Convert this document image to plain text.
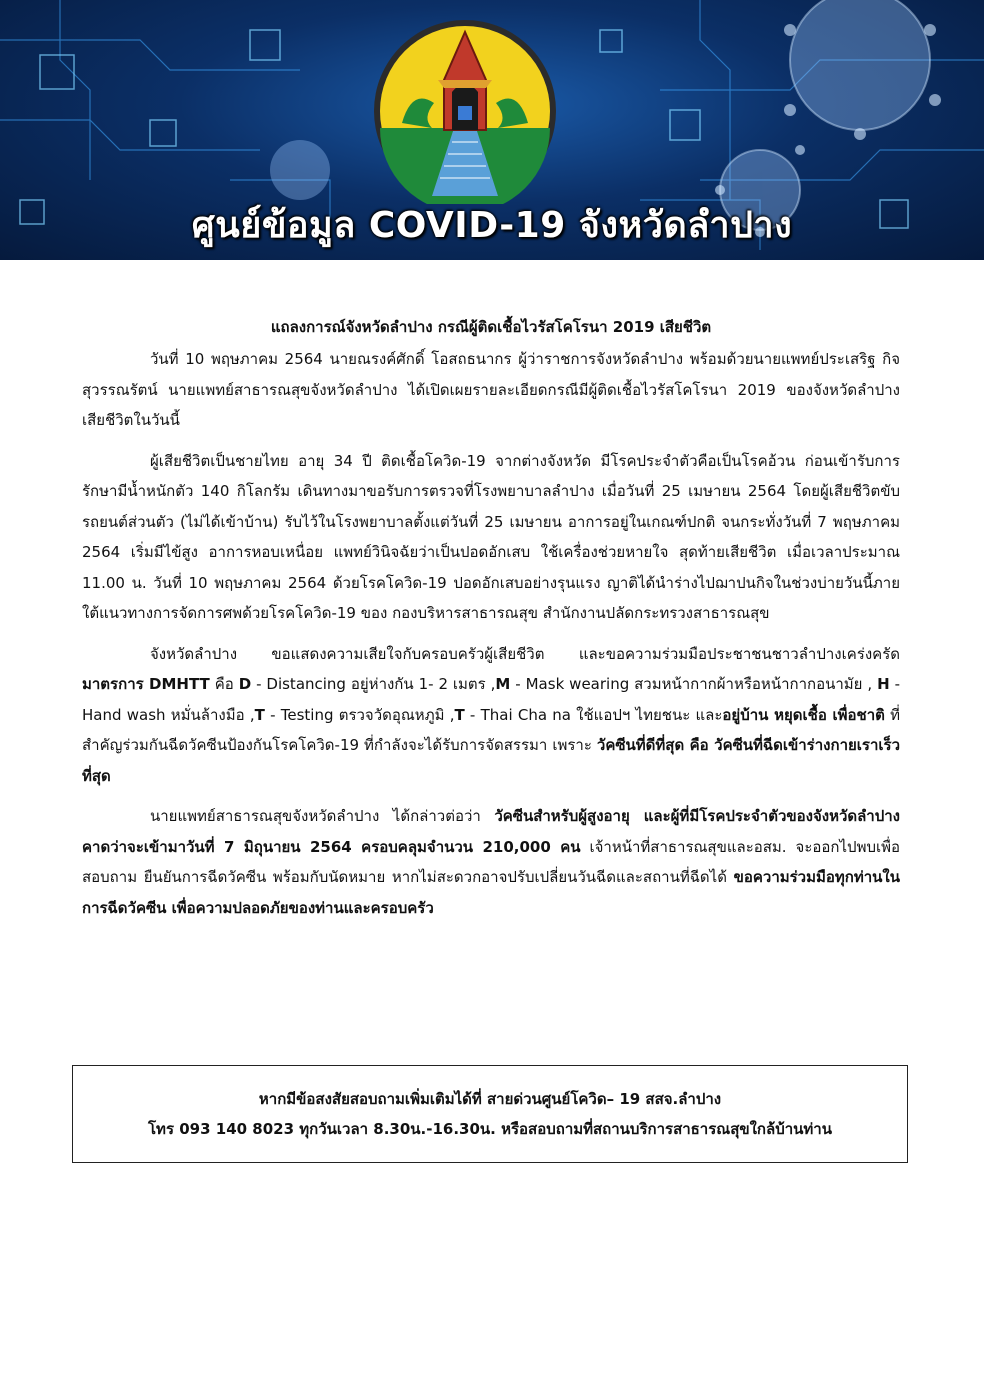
ศูนย์ข้อมูล COVID-19 จังหวัดลำปาง
แถลงการณ์จังหวัดลำปาง กรณีผู้ติดเชื้อไวรัสโคโรนา 2019 เสียชีวิต

วันที่ 10 พฤษภาคม 2564 นายณรงค์ศักดิ์ โอสถธนากร ผู้ว่าราชการจังหวัดลำปาง พร้อมด้วยนายแพทย์ประเสริฐ กิจสุวรรณรัตน์ นายแพทย์สาธารณสุขจังหวัดลำปาง ได้เปิดเผยรายละเอียดกรณีมีผู้ติดเชื้อไวรัสโคโรนา 2019 ของจังหวัดลำปางเสียชีวิตในวันนี้

ผู้เสียชีวิตเป็นชายไทย อายุ 34 ปี ติดเชื้อโควิด-19 จากต่างจังหวัด มีโรคประจำตัวคือเป็นโรคอ้วน ก่อนเข้ารับการรักษามีน้ำหนักตัว 140 กิโลกรัม เดินทางมาขอรับการตรวจที่โรงพยาบาลลำปาง เมื่อวันที่ 25 เมษายน 2564 โดยผู้เสียชีวิตขับรถยนต์ส่วนตัว (ไม่ได้เข้าบ้าน) รับไว้ในโรงพยาบาลตั้งแต่วันที่ 25 เมษายน อาการอยู่ในเกณฑ์ปกติ จนกระทั่งวันที่ 7 พฤษภาคม 2564 เริ่มมีไข้สูง อาการหอบเหนื่อย แพทย์วินิจฉัยว่าเป็นปอดอักเสบ ใช้เครื่องช่วยหายใจ สุดท้ายเสียชีวิต เมื่อเวลาประมาณ 11.00 น. วันที่ 10 พฤษภาคม 2564 ด้วยโรคโควิด-19 ปอดอักเสบอย่างรุนแรง ญาติได้นำร่างไปฌาปนกิจในช่วงบ่ายวันนี้ภายใต้แนวทางการจัดการศพด้วยโรคโควิด-19 ของ กองบริหารสาธารณสุข สำนักงานปลัดกระทรวงสาธารณสุข

จังหวัดลำปาง ขอแสดงความเสียใจกับครอบครัวผู้เสียชีวิต และขอความร่วมมือประชาชนชาวลำปางเคร่งครัด มาตรการ DMHTT คือ D - Distancing อยู่ห่างกัน 1- 2 เมตร ,M - Mask wearing สวมหน้ากากผ้าหรือหน้ากากอนามัย , H - Hand wash หมั่นล้างมือ ,T - Testing ตรวจวัดอุณหภูมิ ,T - Thai Cha na ใช้แอปฯ ไทยชนะ และอยู่บ้าน หยุดเชื้อ เพื่อชาติ ที่สำคัญร่วมกันฉีดวัคซีนป้องกันโรคโควิด-19 ที่กำลังจะได้รับการจัดสรรมา เพราะ วัคซีนที่ดีที่สุด คือ วัคซีนที่ฉีดเข้าร่างกายเราเร็วที่สุด

นายแพทย์สาธารณสุขจังหวัดลำปาง ได้กล่าวต่อว่า วัคซีนสำหรับผู้สูงอายุ และผู้ที่มีโรคประจำตัวของจังหวัดลำปาง คาดว่าจะเข้ามาวันที่ 7 มิถุนายน 2564 ครอบคลุมจำนวน 210,000 คน เจ้าหน้าที่สาธารณสุขและอสม. จะออกไปพบเพื่อสอบถาม ยืนยันการฉีดวัคซีน พร้อมกับนัดหมาย หากไม่สะดวกอาจปรับเปลี่ยนวันฉีดและสถานที่ฉีดได้ ขอความร่วมมือทุกท่านในการฉีดวัคซีน เพื่อความปลอดภัยของท่านและครอบครัว

หากมีข้อสงสัยสอบถามเพิ่มเติมได้ที่ สายด่วนศูนย์โควิด– 19 สสจ.ลำปาง
โทร 093 140 8023 ทุกวันเวลา 8.30น.-16.30น. หรือสอบถามที่สถานบริการสาธารณสุขใกล้บ้านท่าน
